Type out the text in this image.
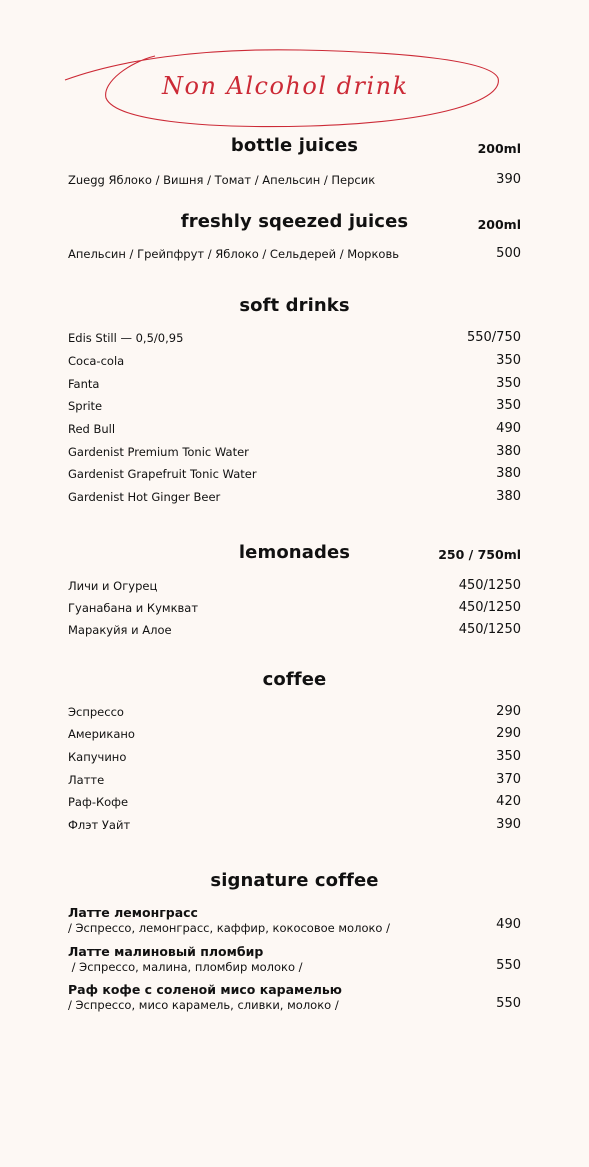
Non Alcohol drink
bottle juices	200ml
Zuegg Яблоко / Вишня / Томат / Апельсин / Персик	390
freshly sqeezed juices	200ml
Апельсин / Грейпфрут / Яблоко / Сельдерей / Морковь	500
soft drinks
Edis Still — 0,5/0,95	550/750
Coca-cola	350
Fanta	350
Sprite	350
Red Bull	490
Gardenist Premium Tonic Water	380
Gardenist Grapefruit Tonic Water	380
Gardenist Hot Ginger Beer	380
lemonades	250 / 750ml
Личи и Огурец	450/1250
Гуанабана и Кумкват	450/1250
Маракуйя и Алое	450/1250
coffee
Эспрессо	290
Американо	290
Капучино	350
Латте	370
Раф-Кофе	420
Флэт Уайт	390
signature coffee
Латте лемонграсс
/ Эспрессо, лемонграсс, каффир, кокосовое молоко /	490
Латте малиновый пломбир
/ Эспрессо, малина, пломбир молоко /	550
Раф кофе с соленой мисо карамелью
/ Эспрессо, мисо карамель, сливки, молоко /	550
